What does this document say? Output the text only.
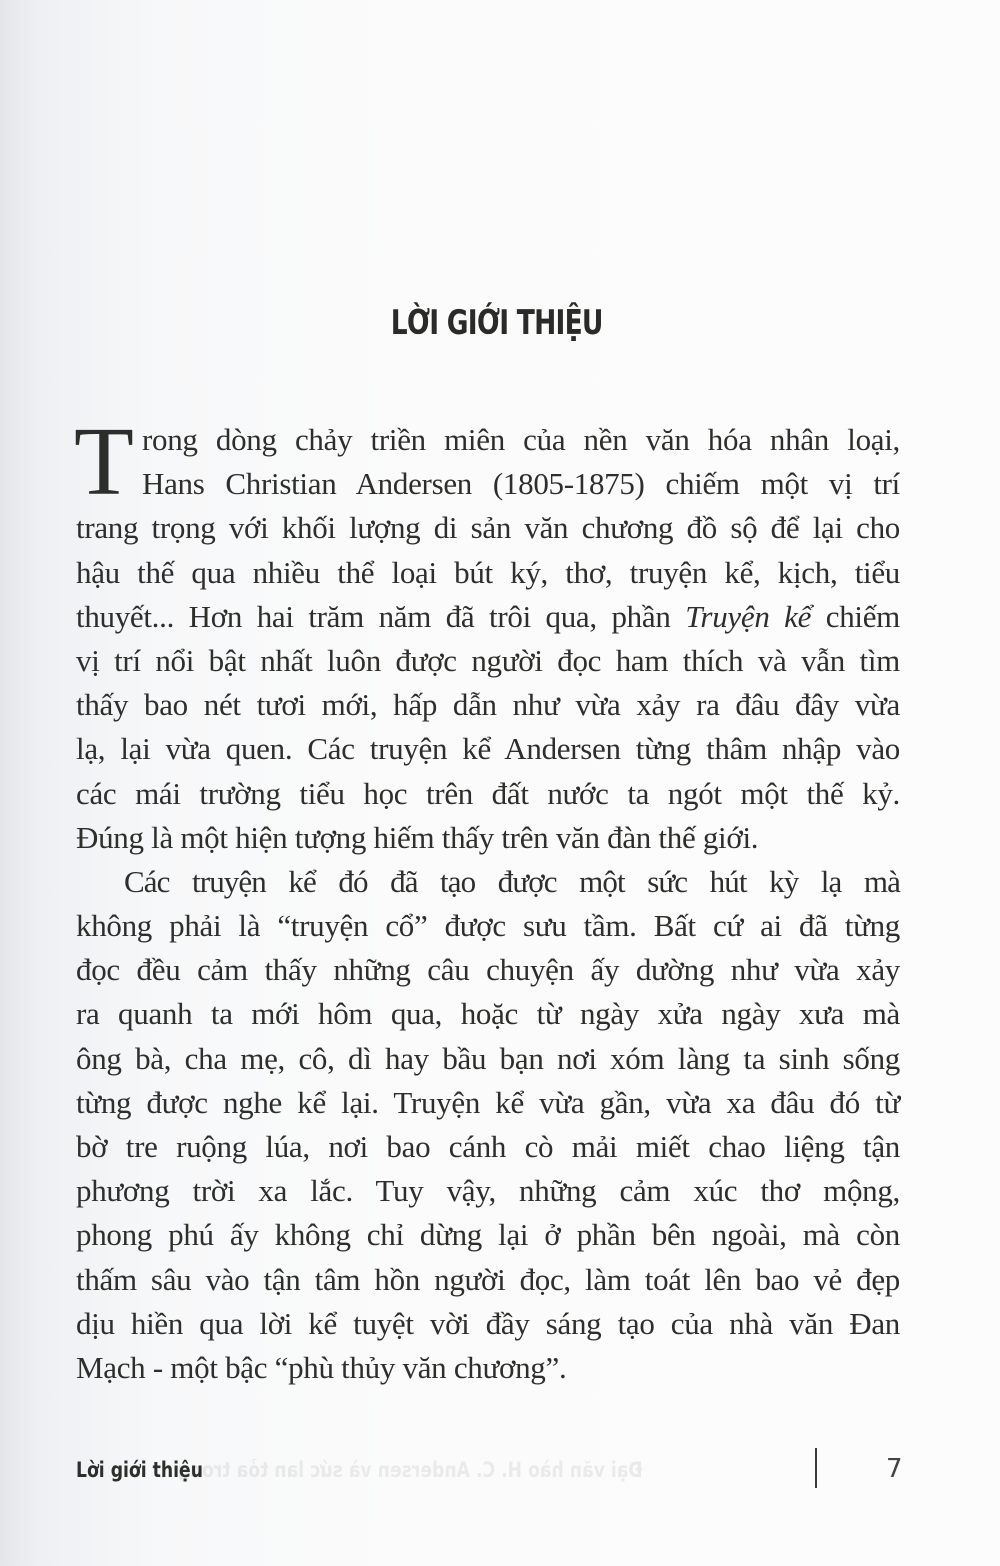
LỜI GIỚI THIỆU
T rong dòng chảy triền miên của nền văn hóa nhân loại,
Hans Christian Andersen (1805-1875) chiếm một vị trí
trang trọng với khối lượng di sản văn chương đồ sộ để lại cho
hậu thế qua nhiều thể loại bút ký, thơ, truyện kể, kịch, tiểu
thuyết... Hơn hai trăm năm đã trôi qua, phần Truyện kể chiếm
vị trí nổi bật nhất luôn được người đọc ham thích và vẫn tìm
thấy bao nét tươi mới, hấp dẫn như vừa xảy ra đâu đây vừa
lạ, lại vừa quen. Các truyện kể Andersen từng thâm nhập vào
các mái trường tiểu học trên đất nước ta ngót một thế kỷ.
Đúng là một hiện tượng hiếm thấy trên văn đàn thế giới.
Các truyện kể đó đã tạo được một sức hút kỳ lạ mà
không phải là “truyện cổ” được sưu tầm. Bất cứ ai đã từng
đọc đều cảm thấy những câu chuyện ấy dường như vừa xảy
ra quanh ta mới hôm qua, hoặc từ ngày xửa ngày xưa mà
ông bà, cha mẹ, cô, dì hay bầu bạn nơi xóm làng ta sinh sống
từng được nghe kể lại. Truyện kể vừa gần, vừa xa đâu đó từ
bờ tre ruộng lúa, nơi bao cánh cò mải miết chao liệng tận
phương trời xa lắc. Tuy vậy, những cảm xúc thơ mộng,
phong phú ấy không chỉ dừng lại ở phần bên ngoài, mà còn
thấm sâu vào tận tâm hồn người đọc, làm toát lên bao vẻ đẹp
dịu hiền qua lời kể tuyệt vời đầy sáng tạo của nhà văn Đan
Mạch - một bậc “phù thủy văn chương”.
Lời giới thiệu
Đại văn hào H. C. Andersen và sức lan tỏa trong	7
